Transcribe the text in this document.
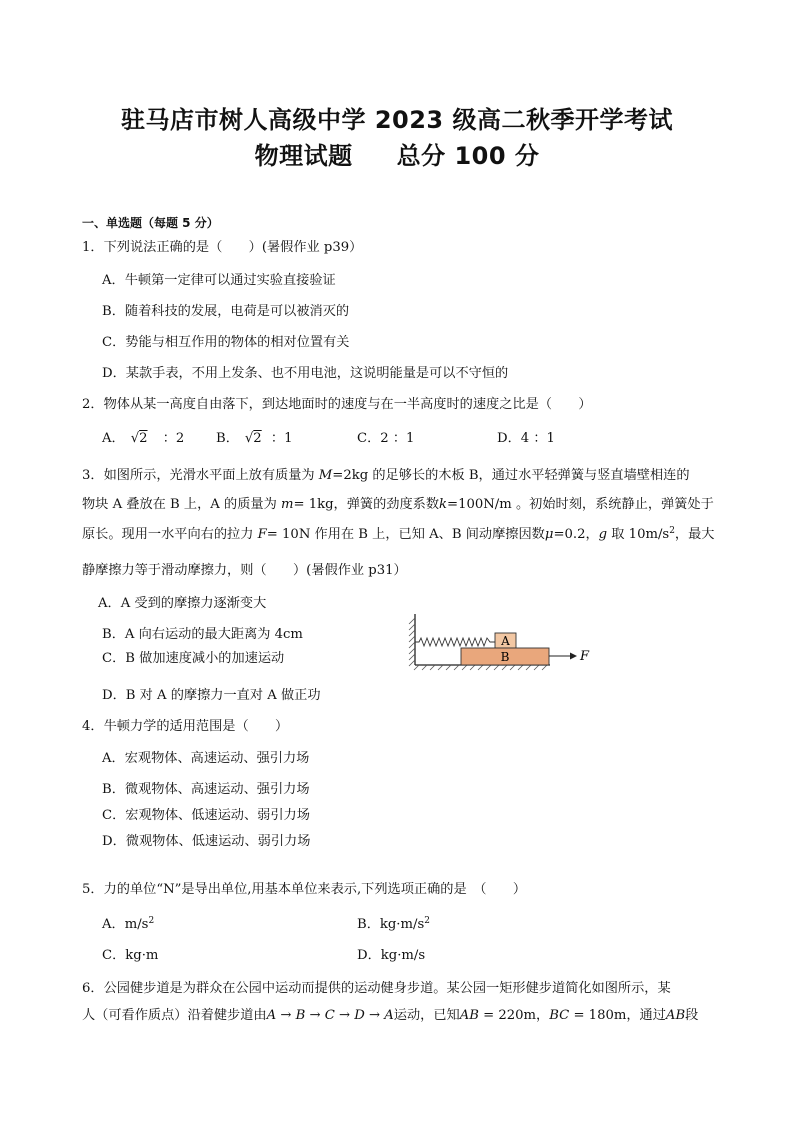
驻马店市树人高级中学 2023 级高二秋季开学考试
物理试题 总分 100 分
一、单选题（每题 5 分）
1．下列说法正确的是（　　）(暑假作业 p39）
A．牛顿第一定律可以通过实验直接验证
B．随着科技的发展，电荷是可以被消灭的
C．势能与相互作用的物体的相对位置有关
D．某款手表，不用上发条、也不用电池，这说明能量是可以不守恒的
2．物体从某一高度自由落下，到达地面时的速度与在一半高度时的速度之比是（　　）
A． √2 ：2 B． √2 ：1	C．2 ：1	D．4 ：1
3．如图所示，光滑水平面上放有质量为 M=2kg 的足够长的木板 B，通过水平轻弹簧与竖直墙壁相连的
物块 A 叠放在 B 上，A 的质量为 m= 1kg，弹簧的劲度系数k=100N/m 。初始时刻，系统静止，弹簧处于
原长。现用一水平向右的拉力 F= 10N 作用在 B 上，已知 A、B 间动摩擦因数μ=0.2，g 取 $10m/s^2$，最大
静摩擦力等于滑动摩擦力，则（　　）(暑假作业 p31）
A．A 受到的摩擦力逐渐变大
B．A 向右运动的最大距离为 4cm
C．B 做加速度减小的加速运动
D．B 对 A 的摩擦力一直对 A 做正功
A
B	F
4．牛顿力学的适用范围是（　　）
A．宏观物体、高速运动、强引力场
B．微观物体、高速运动、强引力场
C．宏观物体、低速运动、弱引力场
D．微观物体、低速运动、弱引力场
5．力的单位“N”是导出单位,用基本单位来表示,下列选项正确的是　（　　）
A．$m/s^2$	B．$kg\cdot m/s^2$
C．kg·m	D．kg·m/s
6．公园健步道是为群众在公园中运动而提供的运动健身步道。某公园一矩形健步道简化如图所示，某
人（可看作质点）沿着健步道由A → B → C → D → A运动，已知AB = 220m，BC = 180m，通过AB段
